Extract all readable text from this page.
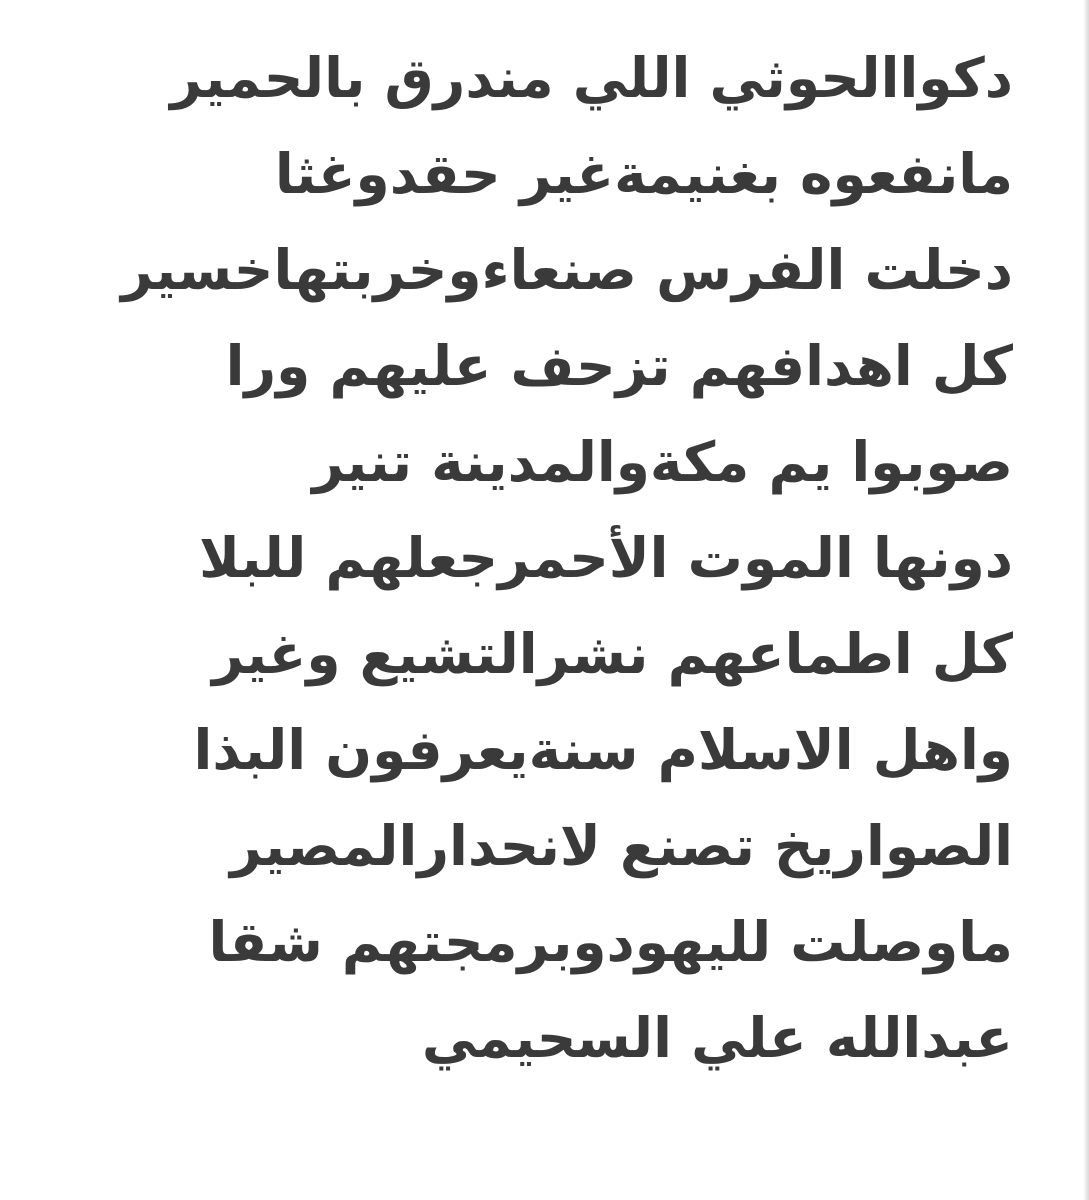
دكواالحوثي اللي مندرق بالحمير
مانفعوه بغنيمةغير حقدوغثا
دخلت الفرس صنعاءوخربتهاخسير
كل اهدافهم تزحف عليهم ورا
صوبوا يم مكةوالمدينة تنير
دونها الموت الأحمرجعلهم للبلا
كل اطماعهم نشرالتشيع وغير
واهل الاسلام سنةيعرفون البذا
الصواريخ تصنع لانحدارالمصير
ماوصلت لليهودوبرمجتهم شقا
عبدالله علي السحيمي
